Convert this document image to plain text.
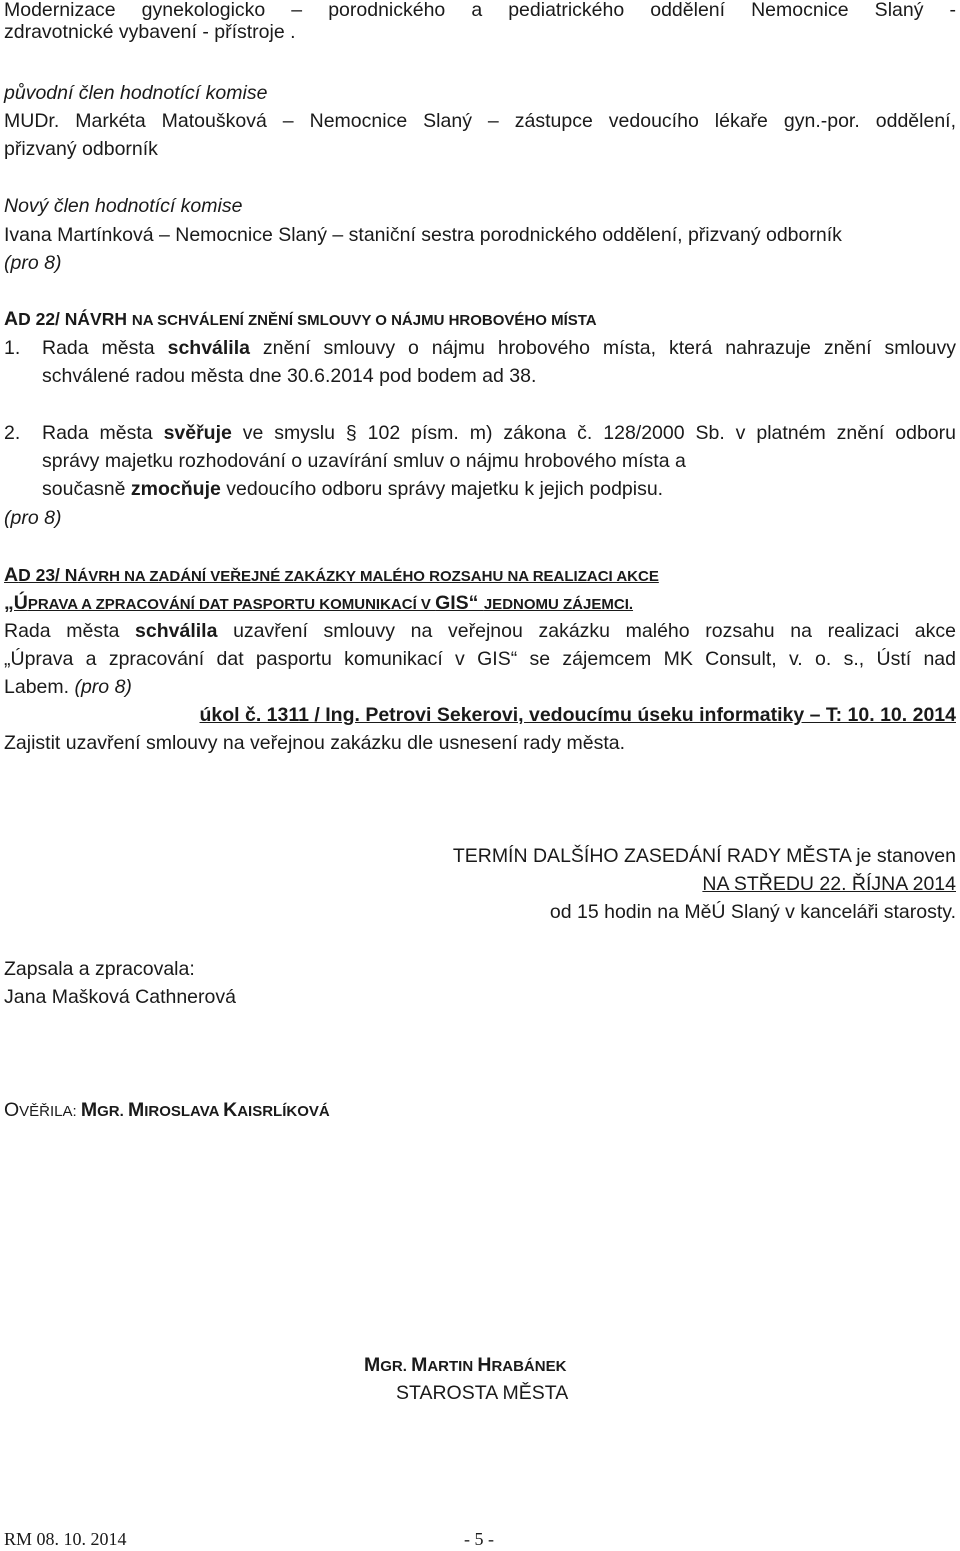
Modernizace gynekologicko – porodnického a pediatrického oddělení Nemocnice Slaný -
zdravotnické vybavení - přístroje .
původní člen hodnotící komise
MUDr. Markéta Matoušková – Nemocnice Slaný – zástupce vedoucího lékaře gyn.-por. oddělení,
přizvaný odborník
Nový člen hodnotící komise
Ivana Martínková – Nemocnice Slaný – staniční sestra porodnického oddělení, přizvaný odborník
(pro 8)
AD 22/ NÁVRH NA SCHVÁLENÍ ZNĚNÍ SMLOUVY O NÁJMU HROBOVÉHO MÍSTA
1. Rada města schválila znění smlouvy o nájmu hrobového místa, která nahrazuje znění smlouvy
schválené radou města dne 30.6.2014 pod bodem ad 38.
2. Rada města svěřuje ve smyslu § 102 písm. m) zákona č. 128/2000 Sb. v platném znění odboru
správy majetku rozhodování o uzavírání smluv o nájmu hrobového místa a
současně zmocňuje vedoucího odboru správy majetku k jejich podpisu.
(pro 8)
AD 23/ NÁVRH NA ZADÁNÍ VEŘEJNÉ ZAKÁZKY MALÉHO ROZSAHU NA REALIZACI AKCE
„ÚPRAVA A ZPRACOVÁNÍ DAT PASPORTU KOMUNIKACÍ V GIS“ JEDNOMU ZÁJEMCI.
Rada města schválila uzavření smlouvy na veřejnou zakázku malého rozsahu na realizaci akce
„Úprava a zpracování dat pasportu komunikací v GIS“ se zájemcem MK Consult, v. o. s., Ústí nad
Labem. (pro 8)
úkol č. 1311 / Ing. Petrovi Sekerovi, vedoucímu úseku informatiky – T: 10. 10. 2014
Zajistit uzavření smlouvy na veřejnou zakázku dle usnesení rady města.
TERMÍN DALŠÍHO ZASEDÁNÍ RADY MĚSTA je stanoven
NA STŘEDU 22. ŘÍJNA 2014
od 15 hodin na MěÚ Slaný v kanceláři starosty.
Zapsala a zpracovala:
Jana Mašková Cathnerová
OVĚŘILA: MGR. MIROSLAVA KAISRLÍKOVÁ
MGR. MARTIN HRABÁNEK
STAROSTA MĚSTA
RM 08. 10. 2014	- 5 -
